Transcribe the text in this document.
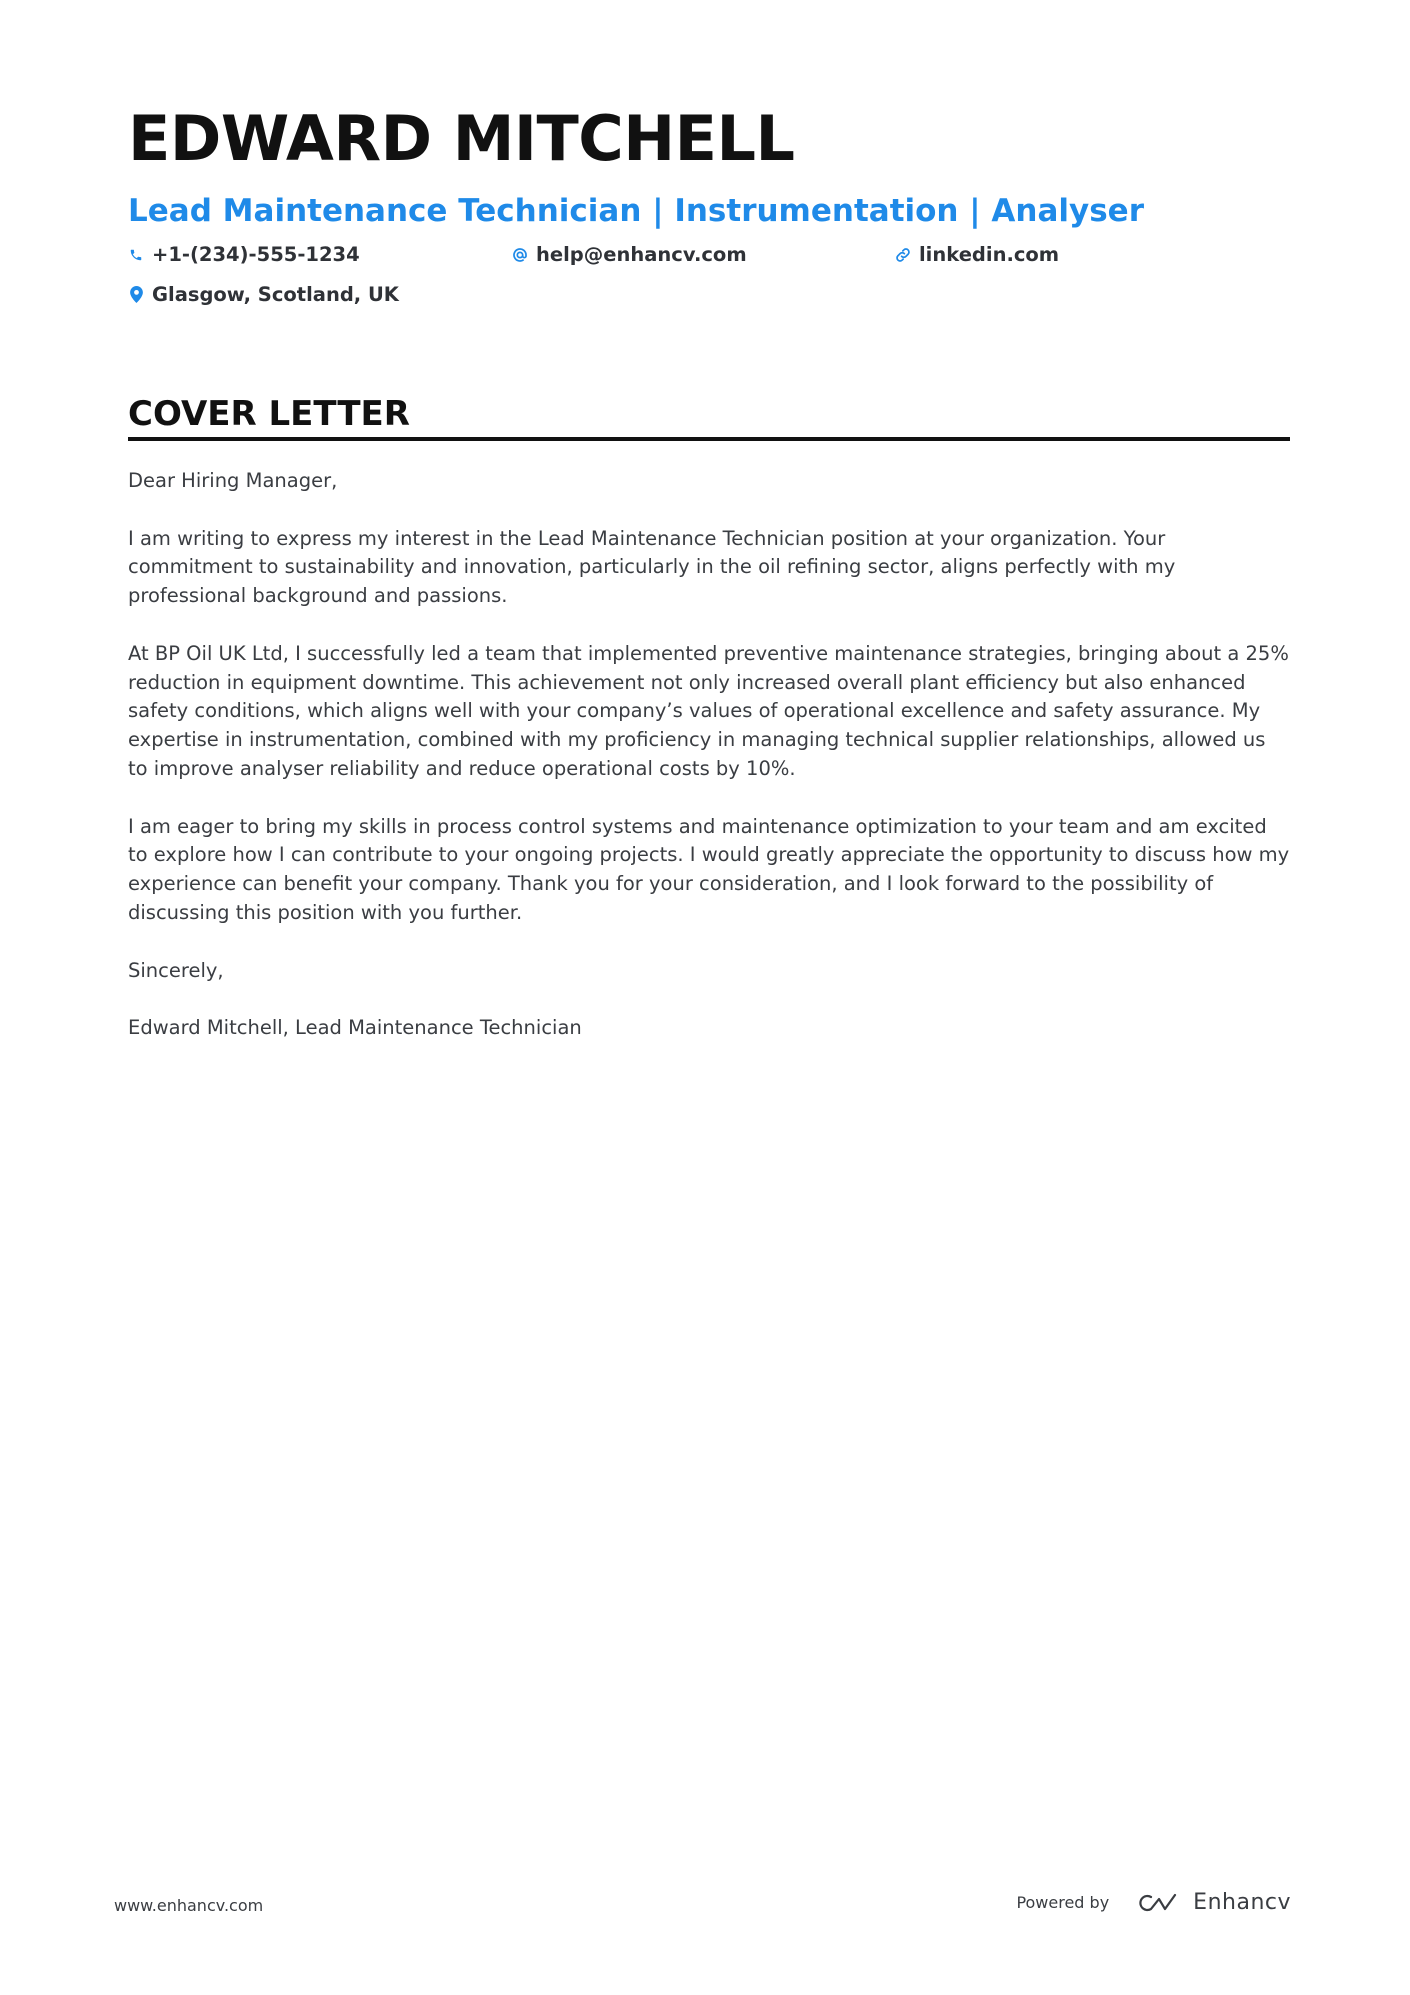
EDWARD MITCHELL
Lead Maintenance Technician | Instrumentation | Analyser
+1-(234)-555-1234	help@enhancv.com	linkedin.com
Glasgow, Scotland, UK
COVER LETTER

Dear Hiring Manager,

I am writing to express my interest in the Lead Maintenance Technician position at your organization. Your commitment to sustainability and innovation, particularly in the oil refining sector, aligns perfectly with my professional background and passions.

At BP Oil UK Ltd, I successfully led a team that implemented preventive maintenance strategies, bringing about a 25% reduction in equipment downtime. This achievement not only increased overall plant efficiency but also enhanced safety conditions, which aligns well with your company’s values of operational excellence and safety assurance. My expertise in instrumentation, combined with my proficiency in managing technical supplier relationships, allowed us to improve analyser reliability and reduce operational costs by 10%.

I am eager to bring my skills in process control systems and maintenance optimization to your team and am excited to explore how I can contribute to your ongoing projects. I would greatly appreciate the opportunity to discuss how my experience can benefit your company. Thank you for your consideration, and I look forward to the possibility of discussing this position with you further.

Sincerely,

Edward Mitchell, Lead Maintenance Technician

www.enhancv.com	Powered by	Enhancv
